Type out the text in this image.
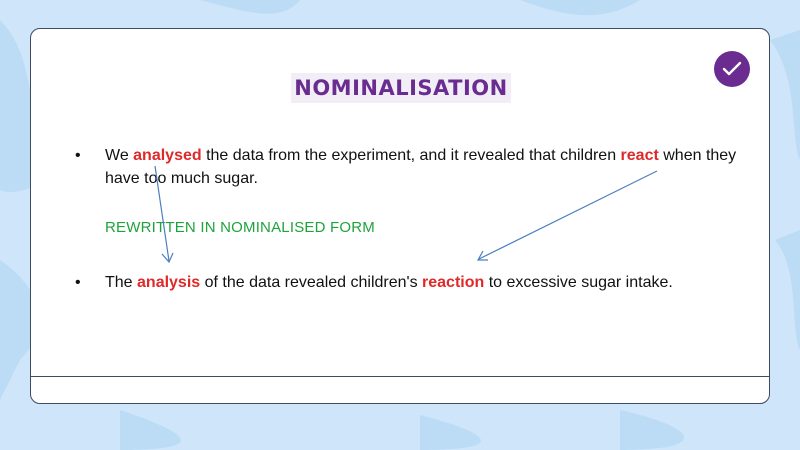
NOMINALISATION
• We analysed the data from the experiment, and it revealed that children react when they have too much sugar.
REWRITTEN IN NOMINALISED FORM
• The analysis of the data revealed children's reaction to excessive sugar intake.
